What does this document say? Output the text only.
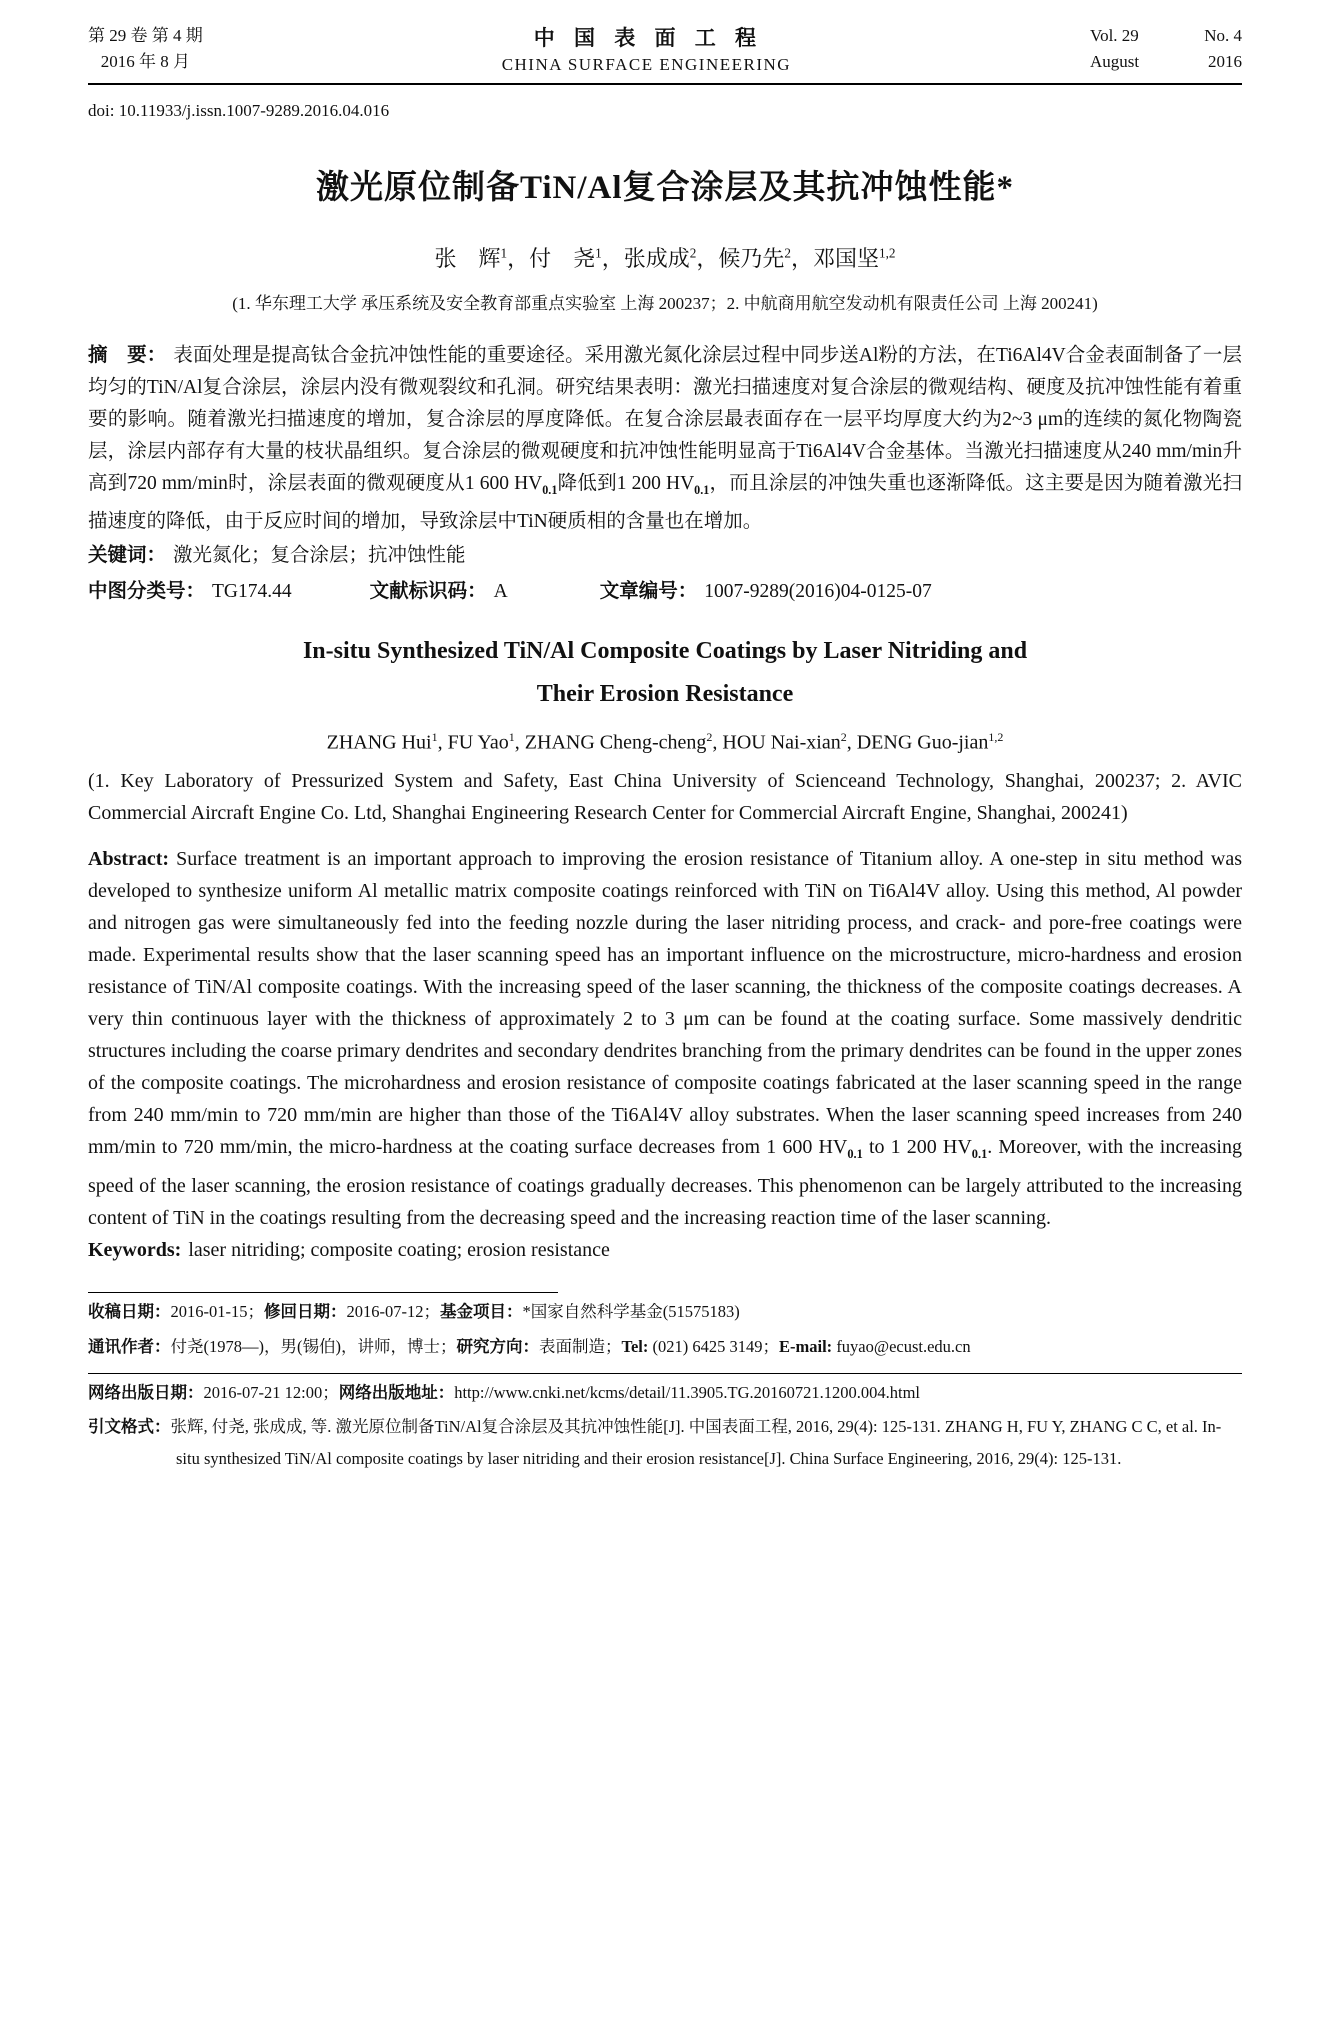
第 29 卷 第 4 期
2016 年 8 月
中 国 表 面 工 程
CHINA SURFACE ENGINEERING
Vol. 29	No. 4
August	2016
doi: 10.11933/j.issn.1007-9289.2016.04.016
激光原位制备TiN/Al复合涂层及其抗冲蚀性能*
张　辉$^1$，付　尧$^1$，张成成$^2$，候乃先$^2$，邓国坚$^{1,2}$
(1. 华东理工大学 承压系统及安全教育部重点实验室 上海 200237；2. 中航商用航空发动机有限责任公司 上海 200241)

摘　要： 表面处理是提高钛合金抗冲蚀性能的重要途径。采用激光氮化涂层过程中同步送Al粉的方法，在Ti6Al4V合金表面制备了一层均匀的TiN/Al复合涂层，涂层内没有微观裂纹和孔洞。研究结果表明：激光扫描速度对复合涂层的微观结构、硬度及抗冲蚀性能有着重要的影响。随着激光扫描速度的增加，复合涂层的厚度降低。在复合涂层最表面存在一层平均厚度大约为2~3 μm的连续的氮化物陶瓷层，涂层内部存有大量的枝状晶组织。复合涂层的微观硬度和抗冲蚀性能明显高于Ti6Al4V合金基体。当激光扫描速度从240 mm/min升高到720 mm/min时，涂层表面的微观硬度从1 600 $HV_{0.1}$降低到1 200 $HV_{0.1}$，而且涂层的冲蚀失重也逐渐降低。这主要是因为随着激光扫描速度的降低，由于反应时间的增加，导致涂层中TiN硬质相的含量也在增加。

关键词： 激光氮化；复合涂层；抗冲蚀性能

中图分类号： TG174.44	文献标识码： A	文章编号： 1007-9289(2016)04-0125-07
In-situ Synthesized TiN/Al Composite Coatings by Laser Nitriding and
Their Erosion Resistance
ZHANG Hui$^1$, FU Yao$^1$, ZHANG Cheng-cheng$^2$, HOU Nai-xian$^2$, DENG Guo-jian$^{1,2}$

(1. Key Laboratory of Pressurized System and Safety, East China University of Scienceand Technology, Shanghai, 200237; 2. AVIC Commercial Aircraft Engine Co. Ltd, Shanghai Engineering Research Center for Commercial Aircraft Engine, Shanghai, 200241)

Abstract: Surface treatment is an important approach to improving the erosion resistance of Titanium alloy. A one-step in situ method was developed to synthesize uniform Al metallic matrix composite coatings reinforced with TiN on Ti6Al4V alloy. Using this method, Al powder and nitrogen gas were simultaneously fed into the feeding nozzle during the laser nitriding process, and crack- and pore-free coatings were made. Experimental results show that the laser scanning speed has an important influence on the microstructure, micro-hardness and erosion resistance of TiN/Al composite coatings. With the increasing speed of the laser scanning, the thickness of the composite coatings decreases. A very thin continuous layer with the thickness of approximately 2 to 3 μm can be found at the coating surface. Some massively dendritic structures including the coarse primary dendrites and secondary dendrites branching from the primary dendrites can be found in the upper zones of the composite coatings. The microhardness and erosion resistance of composite coatings fabricated at the laser scanning speed in the range from 240 mm/min to 720 mm/min are higher than those of the Ti6Al4V alloy substrates. When the laser scanning speed increases from 240 mm/min to 720 mm/min, the micro-hardness at the coating surface decreases from 1 600 $HV_{0.1}$ to 1 200 $HV_{0.1}$. Moreover, with the increasing speed of the laser scanning, the erosion resistance of coatings gradually decreases. This phenomenon can be largely attributed to the increasing content of TiN in the coatings resulting from the decreasing speed and the increasing reaction time of the laser scanning.

Keywords: laser nitriding; composite coating; erosion resistance

收稿日期：2016-01-15；修回日期：2016-07-12；基金项目：*国家自然科学基金(51575183)

通讯作者：付尧(1978—)，男(锡伯)，讲师，博士；研究方向：表面制造；Tel: (021) 6425 3149；E-mail: fuyao@ecust.edu.cn

网络出版日期：2016-07-21 12:00；网络出版地址：http://www.cnki.net/kcms/detail/11.3905.TG.20160721.1200.004.html

引文格式：张辉, 付尧, 张成成, 等. 激光原位制备TiN/Al复合涂层及其抗冲蚀性能[J]. 中国表面工程, 2016, 29(4): 125-131. ZHANG H, FU Y, ZHANG C C, et al. In-situ synthesized TiN/Al composite coatings by laser nitriding and their erosion resistance[J]. China Surface Engineering, 2016, 29(4): 125-131.
